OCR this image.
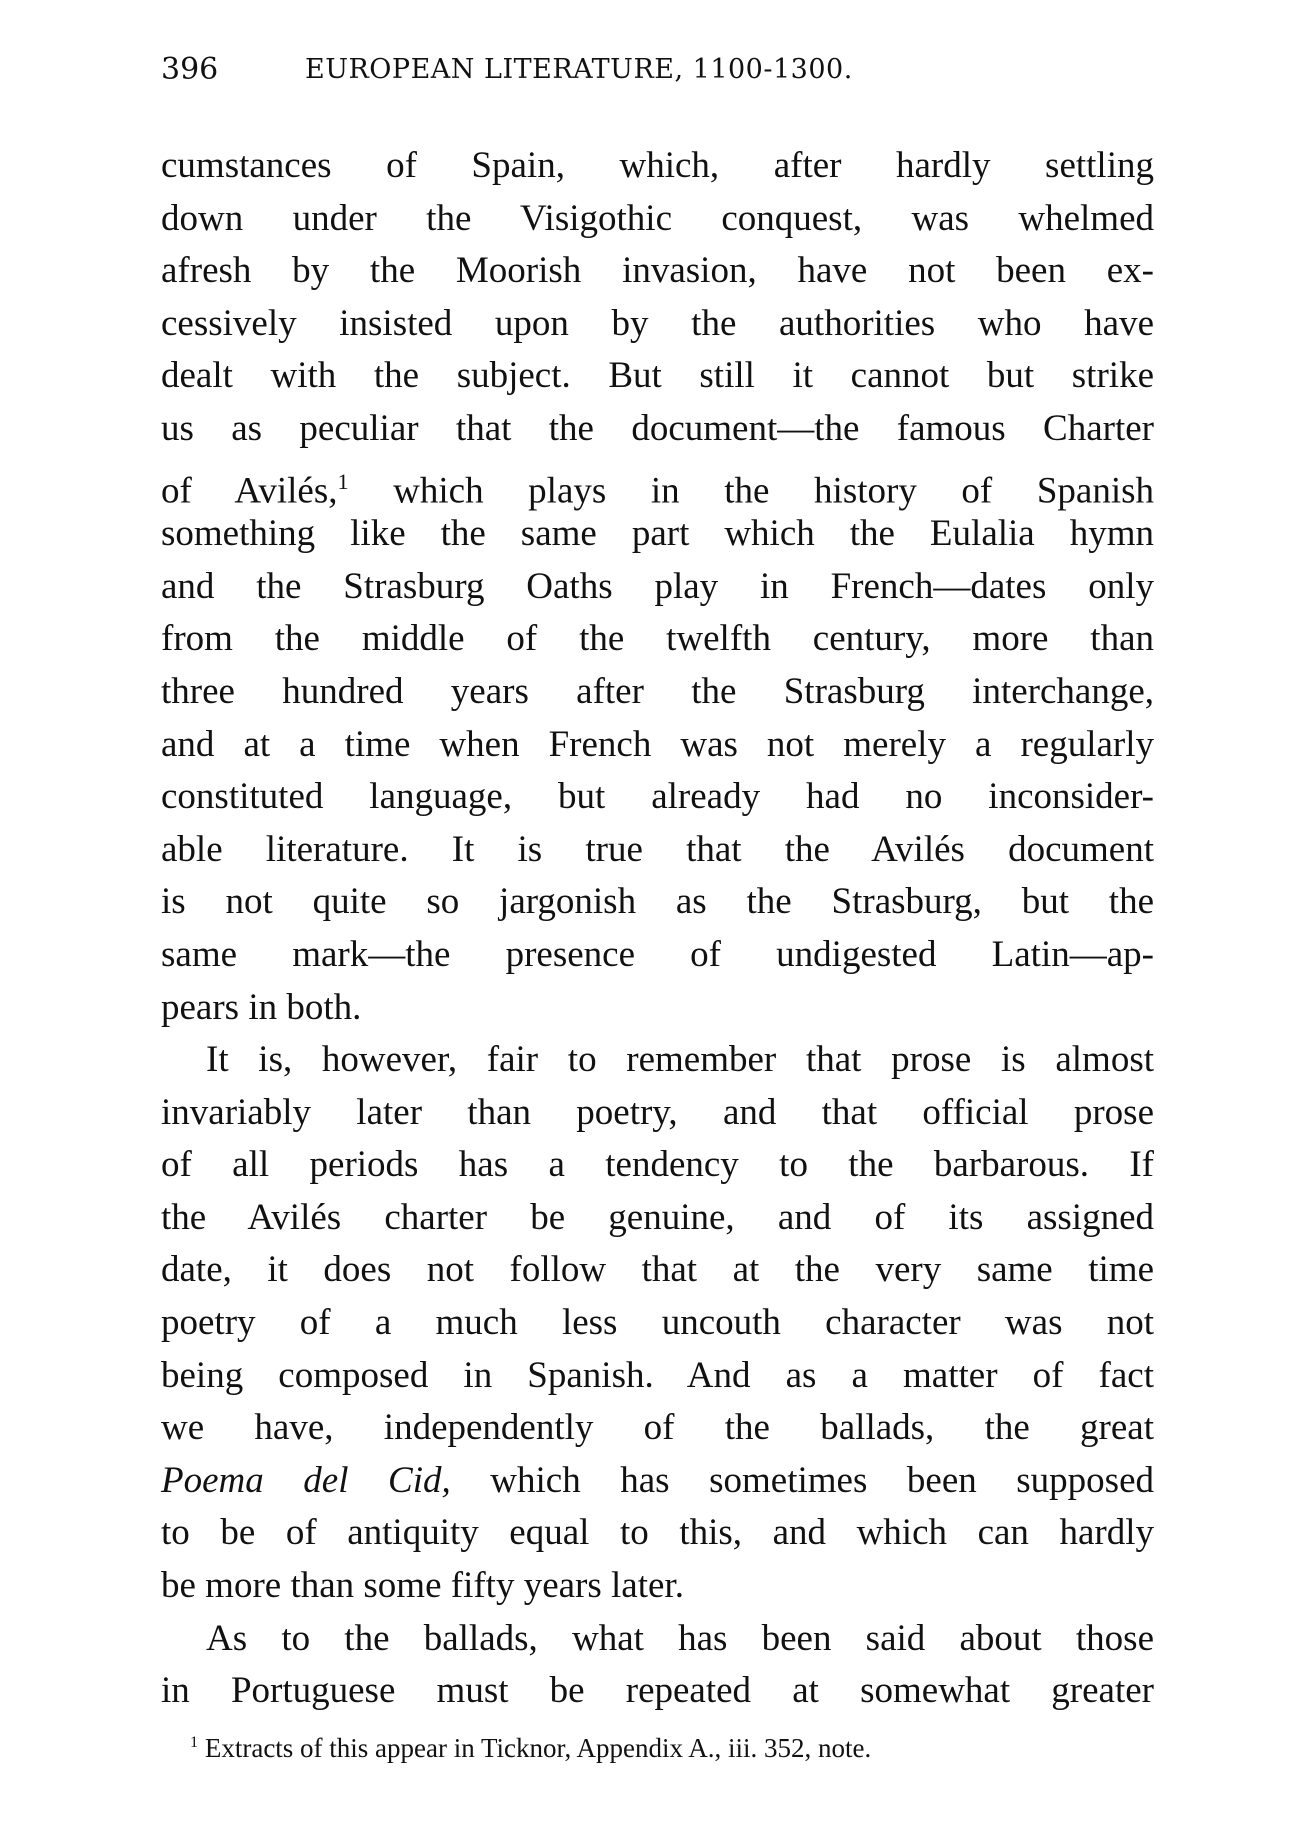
396	EUROPEAN LITERATURE, 1100-1300.
cumstances of Spain, which, after hardly settling
down under the Visigothic conquest, was whelmed
afresh by the Moorish invasion, have not been ex-
cessively insisted upon by the authorities who have
dealt with the subject. But still it cannot but strike
us as peculiar that the document—the famous Charter
of Avilés,$^1$ which plays in the history of Spanish
something like the same part which the Eulalia hymn
and the Strasburg Oaths play in French—dates only
from the middle of the twelfth century, more than
three hundred years after the Strasburg interchange,
and at a time when French was not merely a regularly
constituted language, but already had no inconsider-
able literature. It is true that the Avilés document
is not quite so jargonish as the Strasburg, but the
same mark—the presence of undigested Latin—ap-
pears in both.
It is, however, fair to remember that prose is almost
invariably later than poetry, and that official prose
of all periods has a tendency to the barbarous. If
the Avilés charter be genuine, and of its assigned
date, it does not follow that at the very same time
poetry of a much less uncouth character was not
being composed in Spanish. And as a matter of fact
we have, independently of the ballads, the great
Poema del Cid, which has sometimes been supposed
to be of antiquity equal to this, and which can hardly
be more than some fifty years later.
As to the ballads, what has been said about those
in Portuguese must be repeated at somewhat greater
$^1$ Extracts of this appear in Ticknor, Appendix A., iii. 352, note.
